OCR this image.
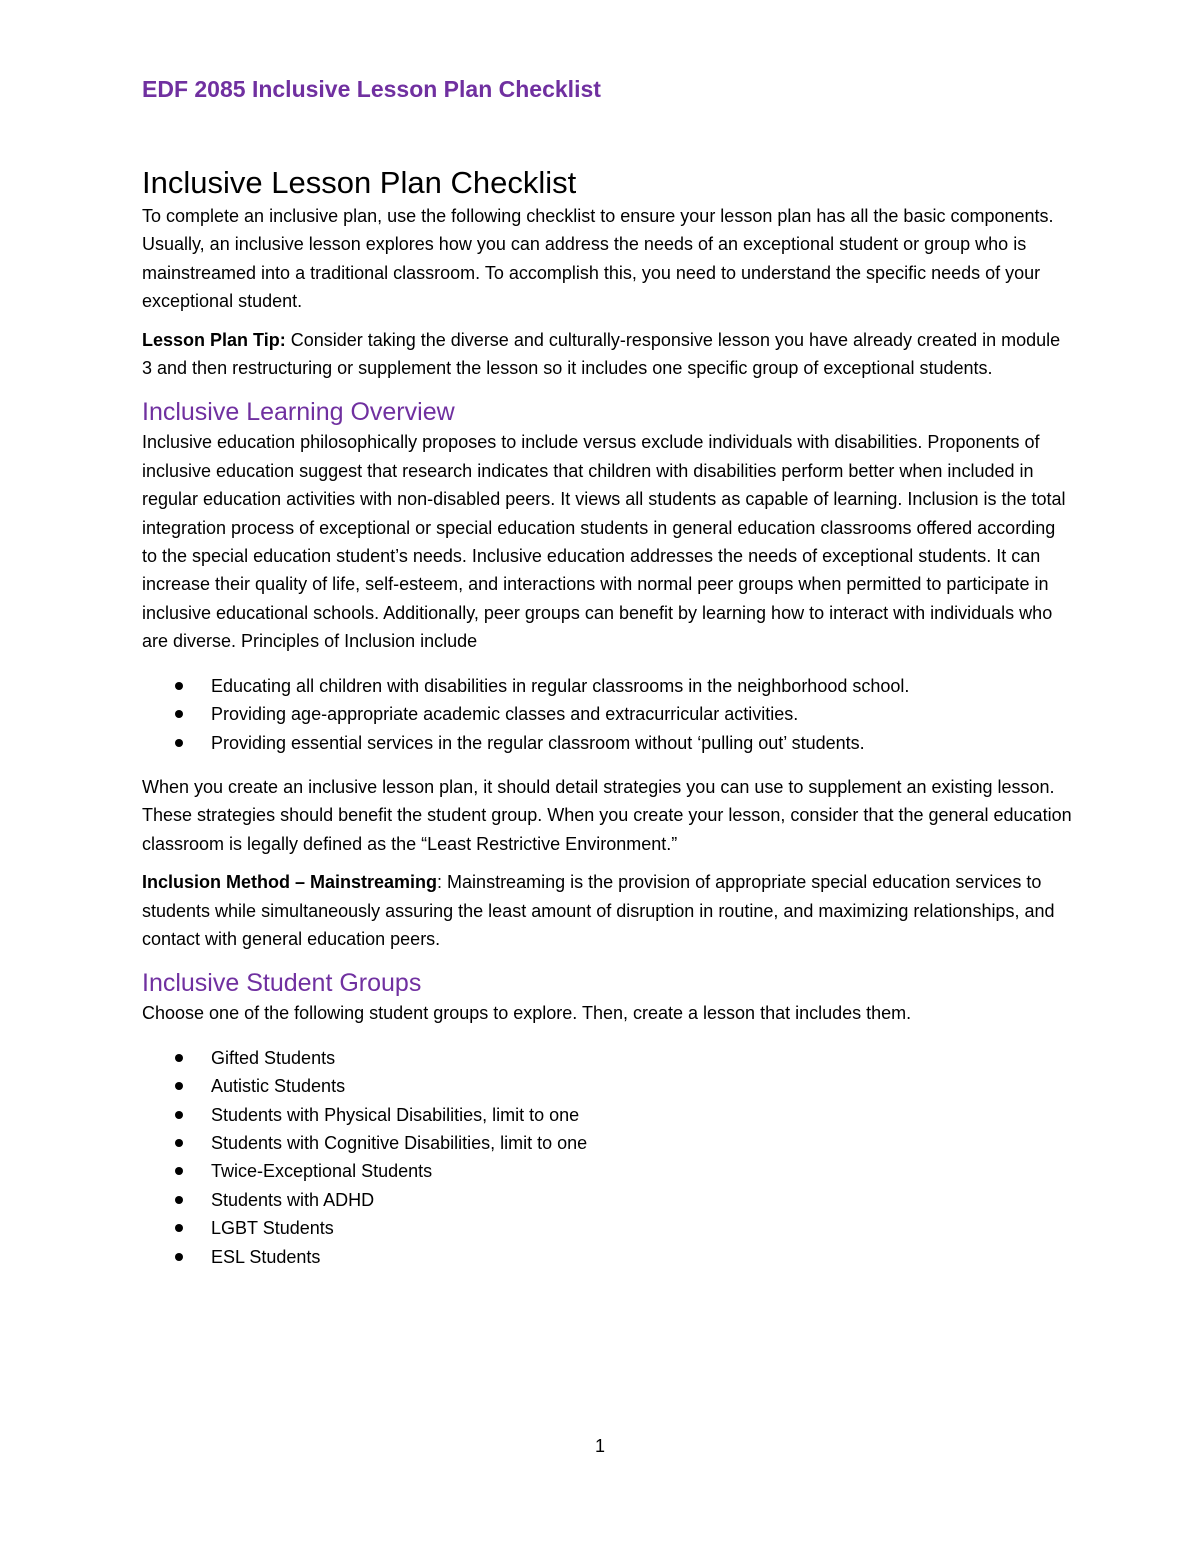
EDF 2085 Inclusive Lesson Plan Checklist

Inclusive Lesson Plan Checklist

To complete an inclusive plan, use the following checklist to ensure your lesson plan has all the basic components. Usually, an inclusive lesson explores how you can address the needs of an exceptional student or group who is mainstreamed into a traditional classroom. To accomplish this, you need to understand the specific needs of your exceptional student.

Lesson Plan Tip: Consider taking the diverse and culturally-responsive lesson you have already created in module 3 and then restructuring or supplement the lesson so it includes one specific group of exceptional students.

Inclusive Learning Overview

Inclusive education philosophically proposes to include versus exclude individuals with disabilities. Proponents of inclusive education suggest that research indicates that children with disabilities perform better when included in regular education activities with non-disabled peers. It views all students as capable of learning. Inclusion is the total integration process of exceptional or special education students in general education classrooms offered according to the special education student’s needs. Inclusive education addresses the needs of exceptional students. It can increase their quality of life, self-esteem, and interactions with normal peer groups when permitted to participate in inclusive educational schools. Additionally, peer groups can benefit by learning how to interact with individuals who are diverse. Principles of Inclusion include

Educating all children with disabilities in regular classrooms in the neighborhood school.
Providing age-appropriate academic classes and extracurricular activities.
Providing essential services in the regular classroom without ‘pulling out’ students.

When you create an inclusive lesson plan, it should detail strategies you can use to supplement an existing lesson. These strategies should benefit the student group. When you create your lesson, consider that the general education classroom is legally defined as the “Least Restrictive Environment.”

Inclusion Method – Mainstreaming: Mainstreaming is the provision of appropriate special education services to students while simultaneously assuring the least amount of disruption in routine, and maximizing relationships, and contact with general education peers.

Inclusive Student Groups

Choose one of the following student groups to explore. Then, create a lesson that includes them.

Gifted Students
Autistic Students
Students with Physical Disabilities, limit to one
Students with Cognitive Disabilities, limit to one
Twice-Exceptional Students
Students with ADHD
LGBT Students
ESL Students
1
